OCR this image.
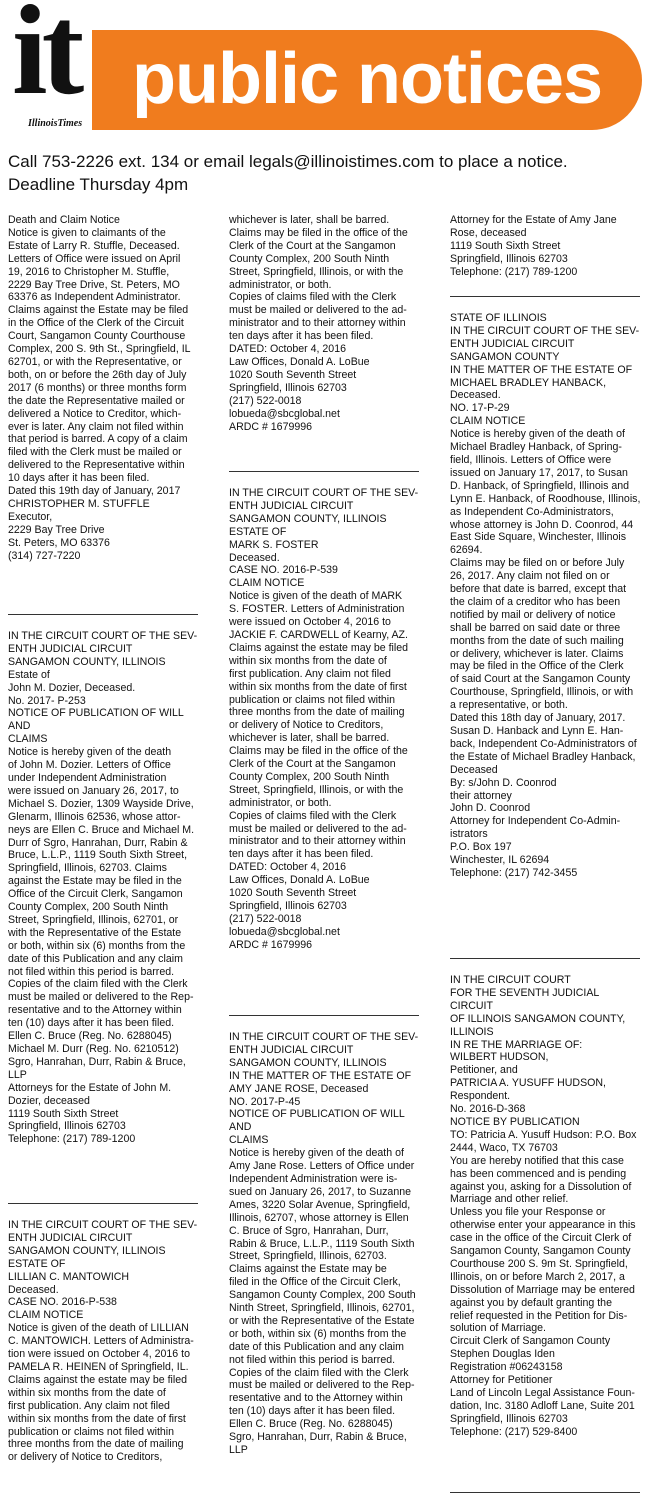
it
IllinoisTimes
public notices
Call 753-2226 ext. 134 or email legals@illinoistimes.com to place a notice.
Deadline Thursday 4pm
Death and Claim Notice
Notice is given to claimants of the
Estate of Larry R. Stuffle, Deceased.
Letters of Office were issued on April
19, 2016 to Christopher M. Stuffle,
2229 Bay Tree Drive, St. Peters, MO
63376 as Independent Administrator.
Claims against the Estate may be filed
in the Office of the Clerk of the Circuit
Court, Sangamon County Courthouse
Complex, 200 S. 9th St., Springfield, IL
62701, or with the Representative, or
both, on or before the 26th day of July
2017 (6 months) or three months form
the date the Representative mailed or
delivered a Notice to Creditor, which-
ever is later. Any claim not filed within
that period is barred. A copy of a claim
filed with the Clerk must be mailed or
delivered to the Representative within
10 days after it has been filed.
Dated this 19th day of January, 2017
CHRISTOPHER M. STUFFLE
Executor,
2229 Bay Tree Drive
St. Peters, MO 63376
(314) 727-7220
IN THE CIRCUIT COURT OF THE SEV-
ENTH JUDICIAL CIRCUIT
SANGAMON COUNTY, ILLINOIS
Estate of
John M. Dozier, Deceased.
No. 2017- P-253
NOTICE OF PUBLICATION OF WILL AND
CLAIMS
Notice is hereby given of the death
of John M. Dozier. Letters of Office
under Independent Administration
were issued on January 26, 2017, to
Michael S. Dozier, 1309 Wayside Drive,
Glenarm, Illinois 62536, whose attor-
neys are Ellen C. Bruce and Michael M.
Durr of Sgro, Hanrahan, Durr, Rabin &
Bruce, L.L.P., 1119 South Sixth Street,
Springfield, Illinois, 62703. Claims
against the Estate may be filed in the
Office of the Circuit Clerk, Sangamon
County Complex, 200 South Ninth
Street, Springfield, Illinois, 62701, or
with the Representative of the Estate
or both, within six (6) months from the
date of this Publication and any claim
not filed within this period is barred.
Copies of the claim filed with the Clerk
must be mailed or delivered to the Rep-
resentative and to the Attorney within
ten (10) days after it has been filed.
Ellen C. Bruce (Reg. No. 6288045)
Michael M. Durr (Reg. No. 6210512)
Sgro, Hanrahan, Durr, Rabin & Bruce,
LLP
Attorneys for the Estate of John M.
Dozier, deceased
1119 South Sixth Street
Springfield, Illinois 62703
Telephone: (217) 789-1200
IN THE CIRCUIT COURT OF THE SEV-
ENTH JUDICIAL CIRCUIT
SANGAMON COUNTY, ILLINOIS
ESTATE OF
LILLIAN C. MANTOWICH
Deceased.
CASE NO. 2016-P-538
CLAIM NOTICE
Notice is given of the death of LILLIAN
C. MANTOWICH. Letters of Administra-
tion were issued on October 4, 2016 to
PAMELA R. HEINEN of Springfield, IL.
Claims against the estate may be filed
within six months from the date of
first publication. Any claim not filed
within six months from the date of first
publication or claims not filed within
three months from the date of mailing
or delivery of Notice to Creditors,
whichever is later, shall be barred.
Claims may be filed in the office of the
Clerk of the Court at the Sangamon
County Complex, 200 South Ninth
Street, Springfield, Illinois, or with the
administrator, or both.
Copies of claims filed with the Clerk
must be mailed or delivered to the ad-
ministrator and to their attorney within
ten days after it has been filed.
DATED: October 4, 2016
Law Offices, Donald A. LoBue
1020 South Seventh Street
Springfield, Illinois 62703
(217) 522-0018
lobueda@sbcglobal.net
ARDC # 1679996
IN THE CIRCUIT COURT OF THE SEV-
ENTH JUDICIAL CIRCUIT
SANGAMON COUNTY, ILLINOIS
ESTATE OF
MARK S. FOSTER
Deceased.
CASE NO. 2016-P-539
CLAIM NOTICE
Notice is given of the death of MARK
S. FOSTER. Letters of Administration
were issued on October 4, 2016 to
JACKIE F. CARDWELL of Kearny, AZ.
Claims against the estate may be filed
within six months from the date of
first publication. Any claim not filed
within six months from the date of first
publication or claims not filed within
three months from the date of mailing
or delivery of Notice to Creditors,
whichever is later, shall be barred.
Claims may be filed in the office of the
Clerk of the Court at the Sangamon
County Complex, 200 South Ninth
Street, Springfield, Illinois, or with the
administrator, or both.
Copies of claims filed with the Clerk
must be mailed or delivered to the ad-
ministrator and to their attorney within
ten days after it has been filed.
DATED: October 4, 2016
Law Offices, Donald A. LoBue
1020 South Seventh Street
Springfield, Illinois 62703
(217) 522-0018
lobueda@sbcglobal.net
ARDC # 1679996
IN THE CIRCUIT COURT OF THE SEV-
ENTH JUDICIAL CIRCUIT
SANGAMON COUNTY, ILLINOIS
IN THE MATTER OF THE ESTATE OF
AMY JANE ROSE, Deceased
NO. 2017-P-45
NOTICE OF PUBLICATION OF WILL AND
CLAIMS
Notice is hereby given of the death of
Amy Jane Rose. Letters of Office under
Independent Administration were is-
sued on January 26, 2017, to Suzanne
Ames, 3220 Solar Avenue, Springfield,
Illinois, 62707, whose attorney is Ellen
C. Bruce of Sgro, Hanrahan, Durr,
Rabin & Bruce, L.L.P., 1119 South Sixth
Street, Springfield, Illinois, 62703.
Claims against the Estate may be
filed in the Office of the Circuit Clerk,
Sangamon County Complex, 200 South
Ninth Street, Springfield, Illinois, 62701,
or with the Representative of the Estate
or both, within six (6) months from the
date of this Publication and any claim
not filed within this period is barred.
Copies of the claim filed with the Clerk
must be mailed or delivered to the Rep-
resentative and to the Attorney within
ten (10) days after it has been filed.
Ellen C. Bruce (Reg. No. 6288045)
Sgro, Hanrahan, Durr, Rabin & Bruce,
LLP
Attorney for the Estate of Amy Jane
Rose, deceased
1119 South Sixth Street
Springfield, Illinois 62703
Telephone: (217) 789-1200
STATE OF ILLINOIS
IN THE CIRCUIT COURT OF THE SEV-
ENTH JUDICIAL CIRCUIT
SANGAMON COUNTY
IN THE MATTER OF THE ESTATE OF
MICHAEL BRADLEY HANBACK,
Deceased.
NO. 17-P-29
CLAIM NOTICE
Notice is hereby given of the death of
Michael Bradley Hanback, of Spring-
field, Illinois. Letters of Office were
issued on January 17, 2017, to Susan
D. Hanback, of Springfield, Illinois and
Lynn E. Hanback, of Roodhouse, Illinois,
as Independent Co-Administrators,
whose attorney is John D. Coonrod, 44
East Side Square, Winchester, Illinois
62694.
Claims may be filed on or before July
26, 2017. Any claim not filed on or
before that date is barred, except that
the claim of a creditor who has been
notified by mail or delivery of notice
shall be barred on said date or three
months from the date of such mailing
or delivery, whichever is later. Claims
may be filed in the Office of the Clerk
of said Court at the Sangamon County
Courthouse, Springfield, Illinois, or with
a representative, or both.
Dated this 18th day of January, 2017.
Susan D. Hanback and Lynn E. Han-
back, Independent Co-Administrators of
the Estate of Michael Bradley Hanback,
Deceased
By: s/John D. Coonrod
their attorney
John D. Coonrod
Attorney for Independent Co-Admin-
istrators
P.O. Box 197
Winchester, IL 62694
Telephone: (217) 742-3455
IN THE CIRCUIT COURT
FOR THE SEVENTH JUDICIAL CIRCUIT
OF ILLINOIS SANGAMON COUNTY,
ILLINOIS
IN RE THE MARRIAGE OF:
WILBERT HUDSON,
Petitioner, and
PATRICIA A. YUSUFF HUDSON,
Respondent.
No. 2016-D-368
NOTICE BY PUBLICATION
TO: Patricia A. Yusuff Hudson: P.O. Box
2444, Waco, TX 76703
You are hereby notified that this case
has been commenced and is pending
against you, asking for a Dissolution of
Marriage and other relief.
Unless you file your Response or
otherwise enter your appearance in this
case in the office of the Circuit Clerk of
Sangamon County, Sangamon County
Courthouse 200 S. 9m St. Springfield,
Illinois, on or before March 2, 2017, a
Dissolution of Marriage may be entered
against you by default granting the
relief requested in the Petition for Dis-
solution of Marriage.
Circuit Clerk of Sangamon County
Stephen Douglas Iden
Registration #06243158
Attorney for Petitioner
Land of Lincoln Legal Assistance Foun-
dation, Inc. 3180 Adloff Lane, Suite 201
Springfield, Illinois 62703
Telephone: (217) 529-8400
